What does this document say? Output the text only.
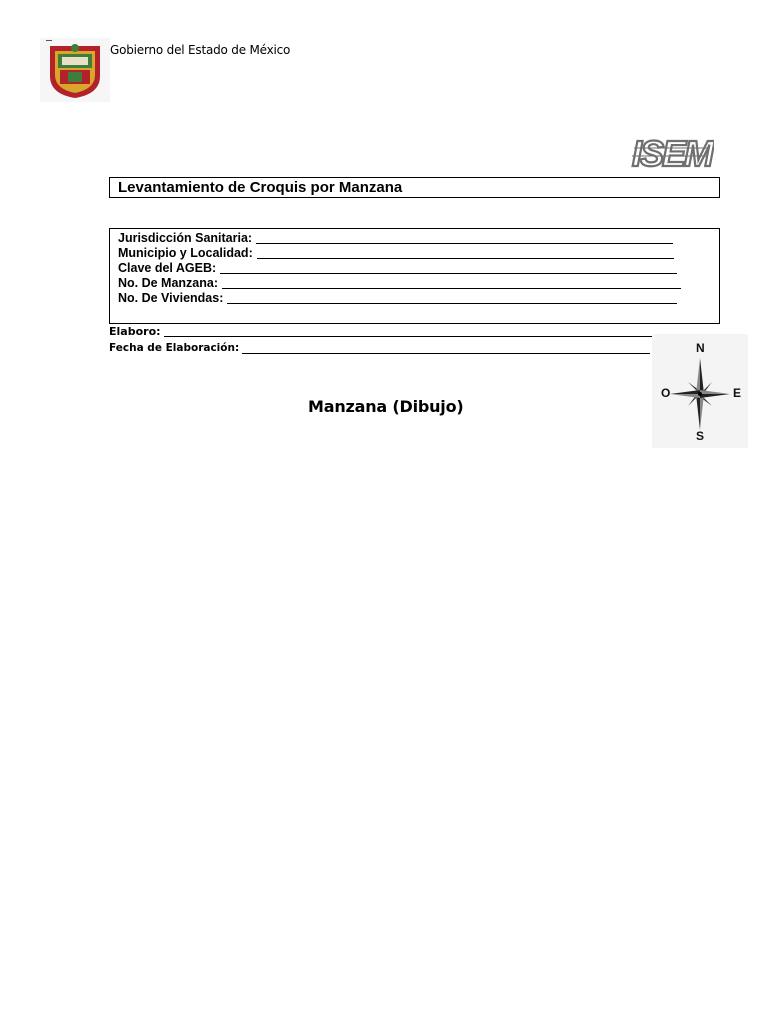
Gobierno del Estado de México
ISEM
Levantamiento de Croquis por Manzana
Jurisdicción Sanitaria:
Municipio y Localidad:
Clave del AGEB:
No. De Manzana:
No. De Viviendas:
Elaboro:
Fecha de Elaboración:
Manzana (Dibujo)
N
S
E
O
